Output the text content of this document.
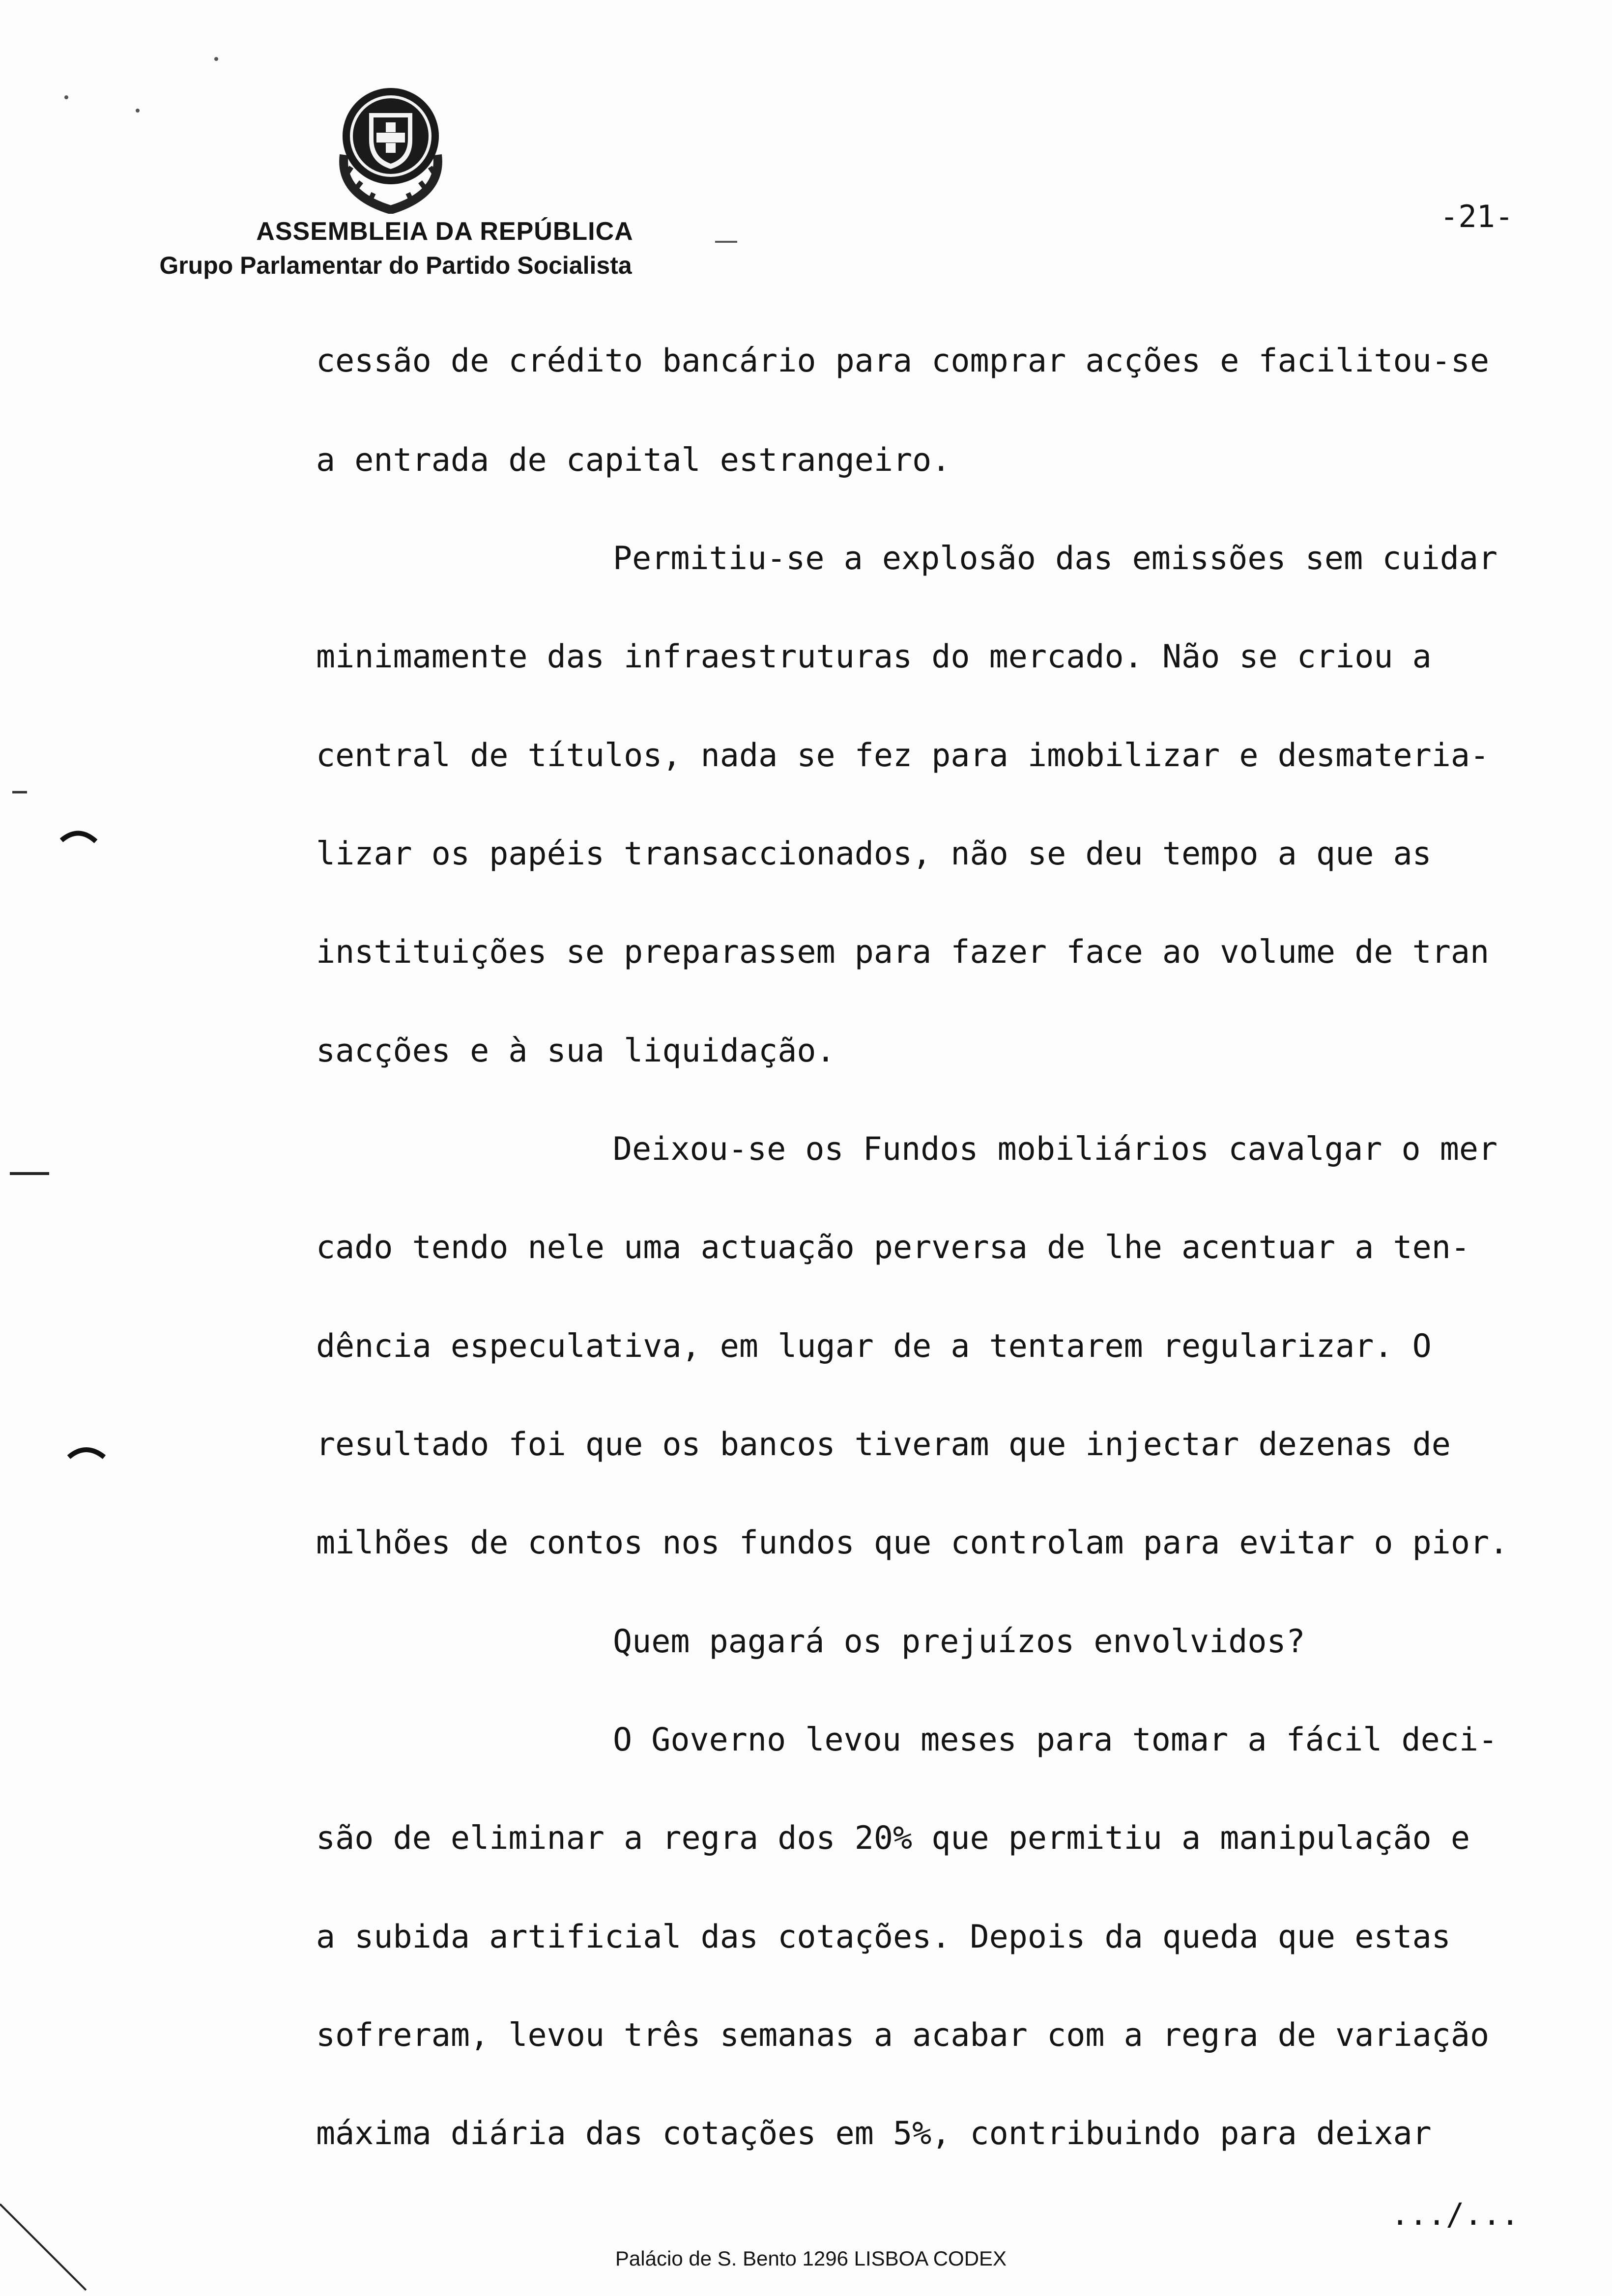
ASSEMBLEIA DA REPÚBLICA
Grupo Parlamentar do Partido Socialista
-21-
cessão de crédito bancário para comprar acções e facilitou-se
a entrada de capital estrangeiro.
Permitiu-se a explosão das emissões sem cuidar
minimamente das infraestruturas do mercado. Não se criou a
central de títulos, nada se fez para imobilizar e desmateria-
lizar os papéis transaccionados, não se deu tempo a que as
instituições se preparassem para fazer face ao volume de tran
sacções e à sua liquidação.
Deixou-se os Fundos mobiliários cavalgar o mer
cado tendo nele uma actuação perversa de lhe acentuar a ten-
dência especulativa, em lugar de a tentarem regularizar. O
resultado foi que os bancos tiveram que injectar dezenas de
milhões de contos nos fundos que controlam para evitar o pior.
Quem pagará os prejuízos envolvidos?
O Governo levou meses para tomar a fácil deci-
são de eliminar a regra dos 20% que permitiu a manipulação e
a subida artificial das cotações. Depois da queda que estas
sofreram, levou três semanas a acabar com a regra de variação
máxima diária das cotações em 5%, contribuindo para deixar
.../...
Palácio de S. Bento 1296 LISBOA CODEX
